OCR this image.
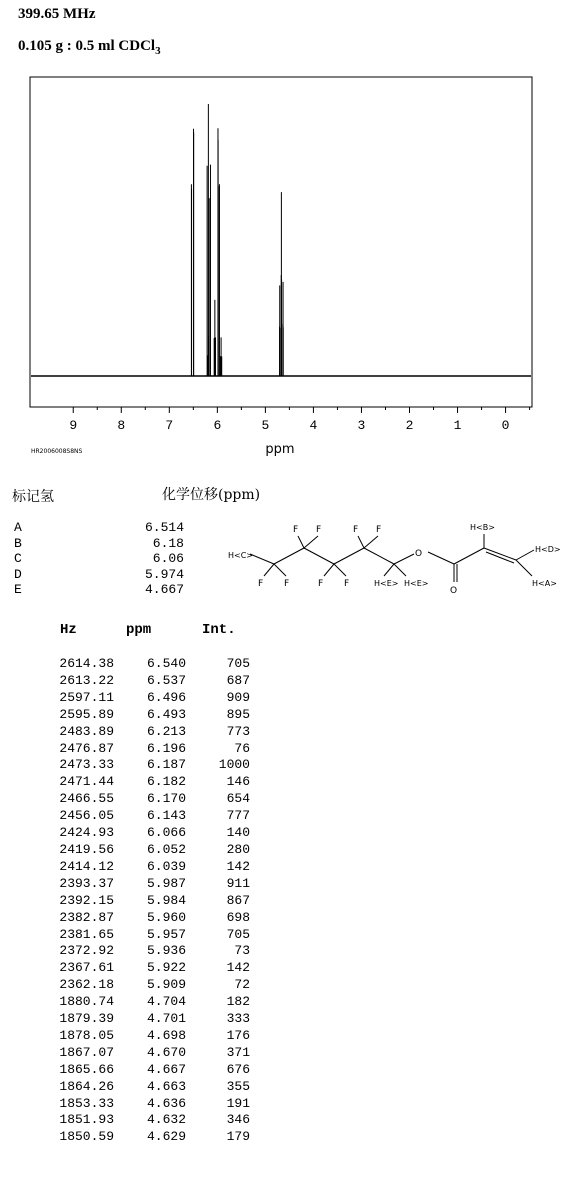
399.65 MHz
0.105 g : 0.5 ml CDCl$_3$
9	8	7	6	5	4	3	2	1	0
ppm
HR2006008S8NS
标记氢	化学位移(ppm)
A	6.514
B	6.18
C	6.06
D	5.974
E	4.667
F F	F F
F F	F F
H<C>
H<E> H<E>
O
O
H<B>
H<D>
H<A>
Hz	ppm	Int.
2614.38	6.540	705
2613.22	6.537	687
2597.11	6.496	909
2595.89	6.493	895
2483.89	6.213	773
2476.87	6.196	76
2473.33	6.187	1000
2471.44	6.182	146
2466.55	6.170	654
2456.05	6.143	777
2424.93	6.066	140
2419.56	6.052	280
2414.12	6.039	142
2393.37	5.987	911
2392.15	5.984	867
2382.87	5.960	698
2381.65	5.957	705
2372.92	5.936	73
2367.61	5.922	142
2362.18	5.909	72
1880.74	4.704	182
1879.39	4.701	333
1878.05	4.698	176
1867.07	4.670	371
1865.66	4.667	676
1864.26	4.663	355
1853.33	4.636	191
1851.93	4.632	346
1850.59	4.629	179
